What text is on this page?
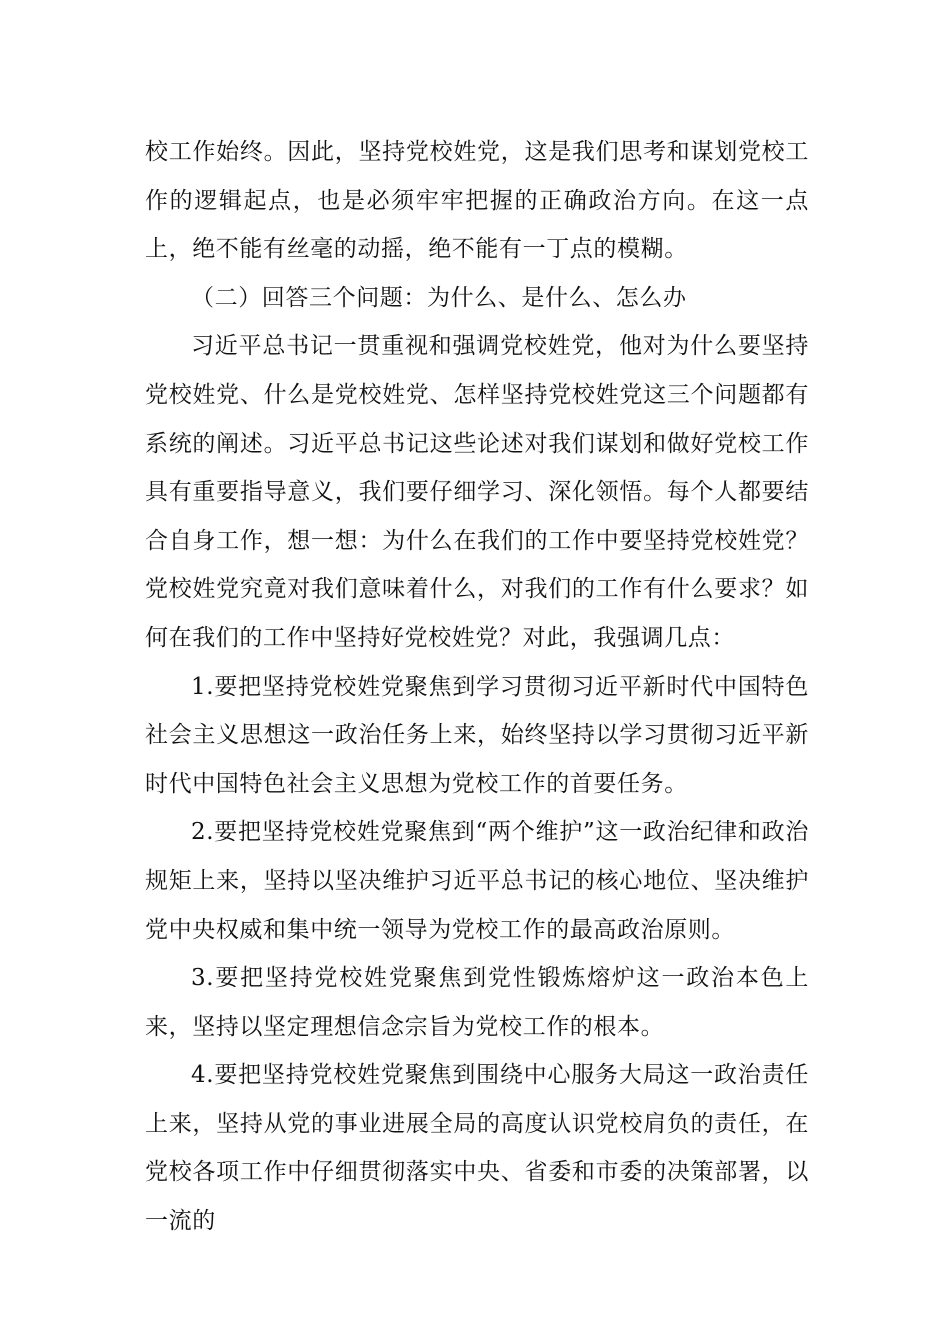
校工作始终。因此，坚持党校姓党，这是我们思考和谋划党校工作的逻辑起点，也是必须牢牢把握的正确政治方向。在这一点上，绝不能有丝毫的动摇，绝不能有一丁点的模糊。

（二）回答三个问题：为什么、是什么、怎么办

习近平总书记一贯重视和强调党校姓党，他对为什么要坚持党校姓党、什么是党校姓党、怎样坚持党校姓党这三个问题都有系统的阐述。习近平总书记这些论述对我们谋划和做好党校工作具有重要指导意义，我们要仔细学习、深化领悟。每个人都要结合自身工作，想一想：为什么在我们的工作中要坚持党校姓党？党校姓党究竟对我们意味着什么，对我们的工作有什么要求？如何在我们的工作中坚持好党校姓党？对此，我强调几点：

1.要把坚持党校姓党聚焦到学习贯彻习近平新时代中国特色社会主义思想这一政治任务上来，始终坚持以学习贯彻习近平新时代中国特色社会主义思想为党校工作的首要任务。

2.要把坚持党校姓党聚焦到“两个维护”这一政治纪律和政治规矩上来，坚持以坚决维护习近平总书记的核心地位、坚决维护党中央权威和集中统一领导为党校工作的最高政治原则。

3.要把坚持党校姓党聚焦到党性锻炼熔炉这一政治本色上来，坚持以坚定理想信念宗旨为党校工作的根本。

4.要把坚持党校姓党聚焦到围绕中心服务大局这一政治责任上来，坚持从党的事业进展全局的高度认识党校肩负的责任，在党校各项工作中仔细贯彻落实中央、省委和市委的决策部署，以一流的
